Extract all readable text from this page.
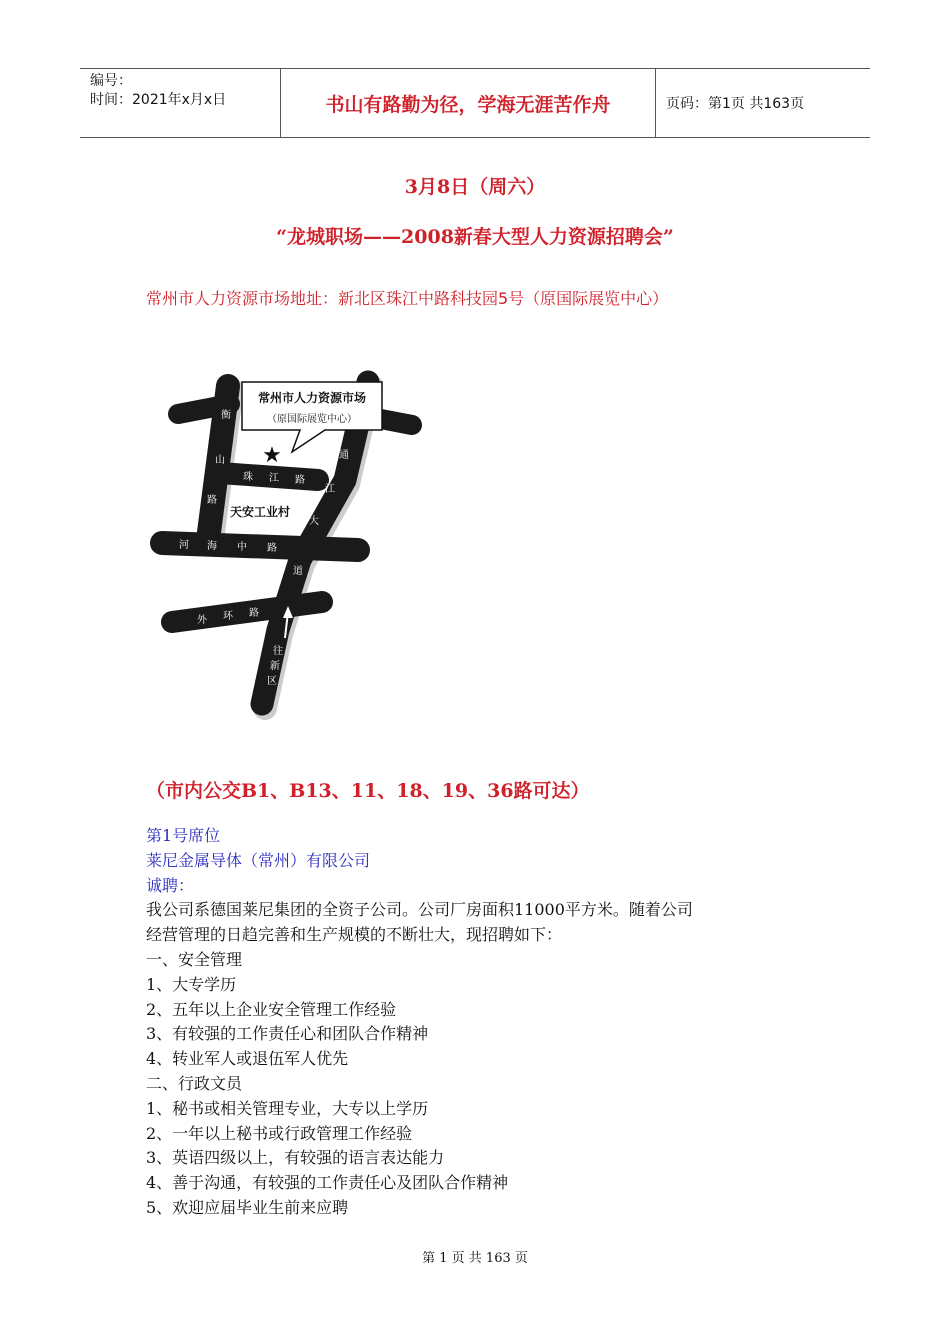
编号：
时间：2021年x月x日	书山有路勤为径，学海无涯苦作舟	页码：第1页 共163页
3月8日（周六）
“龙城职场——2008新春大型人力资源招聘会”
常州市人力资源市场地址：新北区珠江中路科技园5号（原国际展览中心）
常州市人力资源市场
（原国际展览中心）
★
天安工业村
衡
山
路
珠 江 路
通
江
大
道
河 海 中 路
外 环 路
往
新
区
（市内公交B1、B13、11、18、19、36路可达）
第1号席位
莱尼金属导体（常州）有限公司
诚聘：
我公司系德国莱尼集团的全资子公司。公司厂房面积11000平方米。随着公司
经营管理的日趋完善和生产规模的不断壮大，现招聘如下：
一、安全管理
1、大专学历
2、五年以上企业安全管理工作经验
3、有较强的工作责任心和团队合作精神
4、转业军人或退伍军人优先
二、行政文员
1、秘书或相关管理专业，大专以上学历
2、一年以上秘书或行政管理工作经验
3、英语四级以上，有较强的语言表达能力
4、善于沟通，有较强的工作责任心及团队合作精神
5、欢迎应届毕业生前来应聘
第 1 页 共 163 页
